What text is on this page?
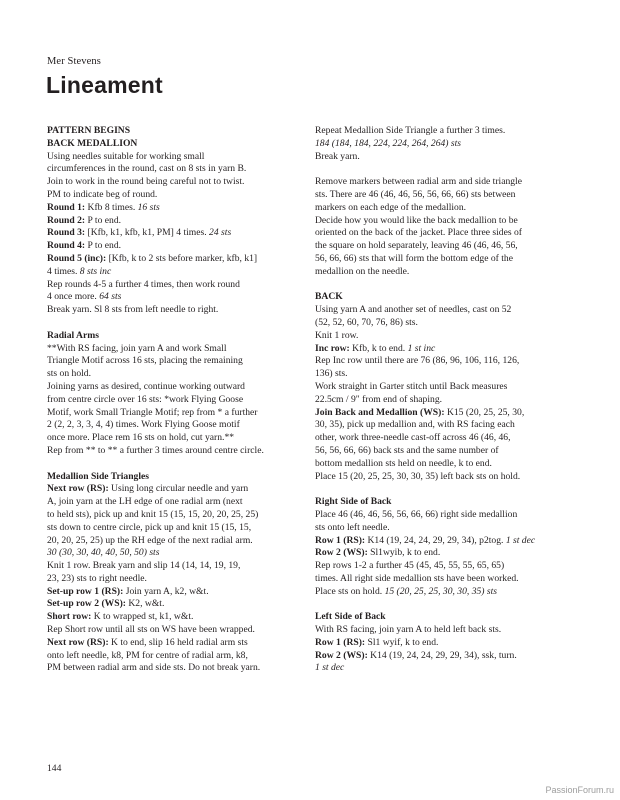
Mer Stevens
Lineament
PATTERN BEGINS
BACK MEDALLION
Using needles suitable for working small
circumferences in the round, cast on 8 sts in yarn B.
Join to work in the round being careful not to twist.
PM to indicate beg of round.
Round 1: Kfb 8 times. 16 sts
Round 2: P to end.
Round 3: [Kfb, k1, kfb, k1, PM] 4 times. 24 sts
Round 4: P to end.
Round 5 (inc): [Kfb, k to 2 sts before marker, kfb, k1]
4 times. 8 sts inc
Rep rounds 4-5 a further 4 times, then work round
4 once more. 64 sts
Break yarn. Sl 8 sts from left needle to right.
Radial Arms
**With RS facing, join yarn A and work Small
Triangle Motif across 16 sts, placing the remaining
sts on hold.
Joining yarns as desired, continue working outward
from centre circle over 16 sts: *work Flying Goose
Motif, work Small Triangle Motif; rep from * a further
2 (2, 2, 3, 3, 4, 4) times. Work Flying Goose motif
once more. Place rem 16 sts on hold, cut yarn.**
Rep from ** to ** a further 3 times around centre circle.
Medallion Side Triangles
Next row (RS): Using long circular needle and yarn
A, join yarn at the LH edge of one radial arm (next
to held sts), pick up and knit 15 (15, 15, 20, 20, 25, 25)
sts down to centre circle, pick up and knit 15 (15, 15,
20, 20, 25, 25) up the RH edge of the next radial arm.
30 (30, 30, 40, 40, 50, 50) sts
Knit 1 row. Break yarn and slip 14 (14, 14, 19, 19,
23, 23) sts to right needle.
Set-up row 1 (RS): Join yarn A, k2, w&t.
Set-up row 2 (WS): K2, w&t.
Short row: K to wrapped st, k1, w&t.
Rep Short row until all sts on WS have been wrapped.
Next row (RS): K to end, slip 16 held radial arm sts
onto left needle, k8, PM for centre of radial arm, k8,
PM between radial arm and side sts. Do not break yarn.
Repeat Medallion Side Triangle a further 3 times.
184 (184, 184, 224, 224, 264, 264) sts
Break yarn.
Remove markers between radial arm and side triangle
sts. There are 46 (46, 46, 56, 56, 66, 66) sts between
markers on each edge of the medallion.
Decide how you would like the back medallion to be
oriented on the back of the jacket. Place three sides of
the square on hold separately, leaving 46 (46, 46, 56,
56, 66, 66) sts that will form the bottom edge of the
medallion on the needle.
BACK
Using yarn A and another set of needles, cast on 52
(52, 52, 60, 70, 76, 86) sts.
Knit 1 row.
Inc row: Kfb, k to end. 1 st inc
Rep Inc row until there are 76 (86, 96, 106, 116, 126,
136) sts.
Work straight in Garter stitch until Back measures
22.5cm / 9" from end of shaping.
Join Back and Medallion (WS): K15 (20, 25, 25, 30,
30, 35), pick up medallion and, with RS facing each
other, work three-needle cast-off across 46 (46, 46,
56, 56, 66, 66) back sts and the same number of
bottom medallion sts held on needle, k to end.
Place 15 (20, 25, 25, 30, 30, 35) left back sts on hold.
Right Side of Back
Place 46 (46, 46, 56, 56, 66, 66) right side medallion
sts onto left needle.
Row 1 (RS): K14 (19, 24, 24, 29, 29, 34), p2tog. 1 st dec
Row 2 (WS): Sl1wyib, k to end.
Rep rows 1-2 a further 45 (45, 45, 55, 55, 65, 65)
times. All right side medallion sts have been worked.
Place sts on hold. 15 (20, 25, 25, 30, 30, 35) sts
Left Side of Back
With RS facing, join yarn A to held left back sts.
Row 1 (RS): Sl1 wyif, k to end.
Row 2 (WS): K14 (19, 24, 24, 29, 29, 34), ssk, turn.
1 st dec
144
PassionForum.ru
